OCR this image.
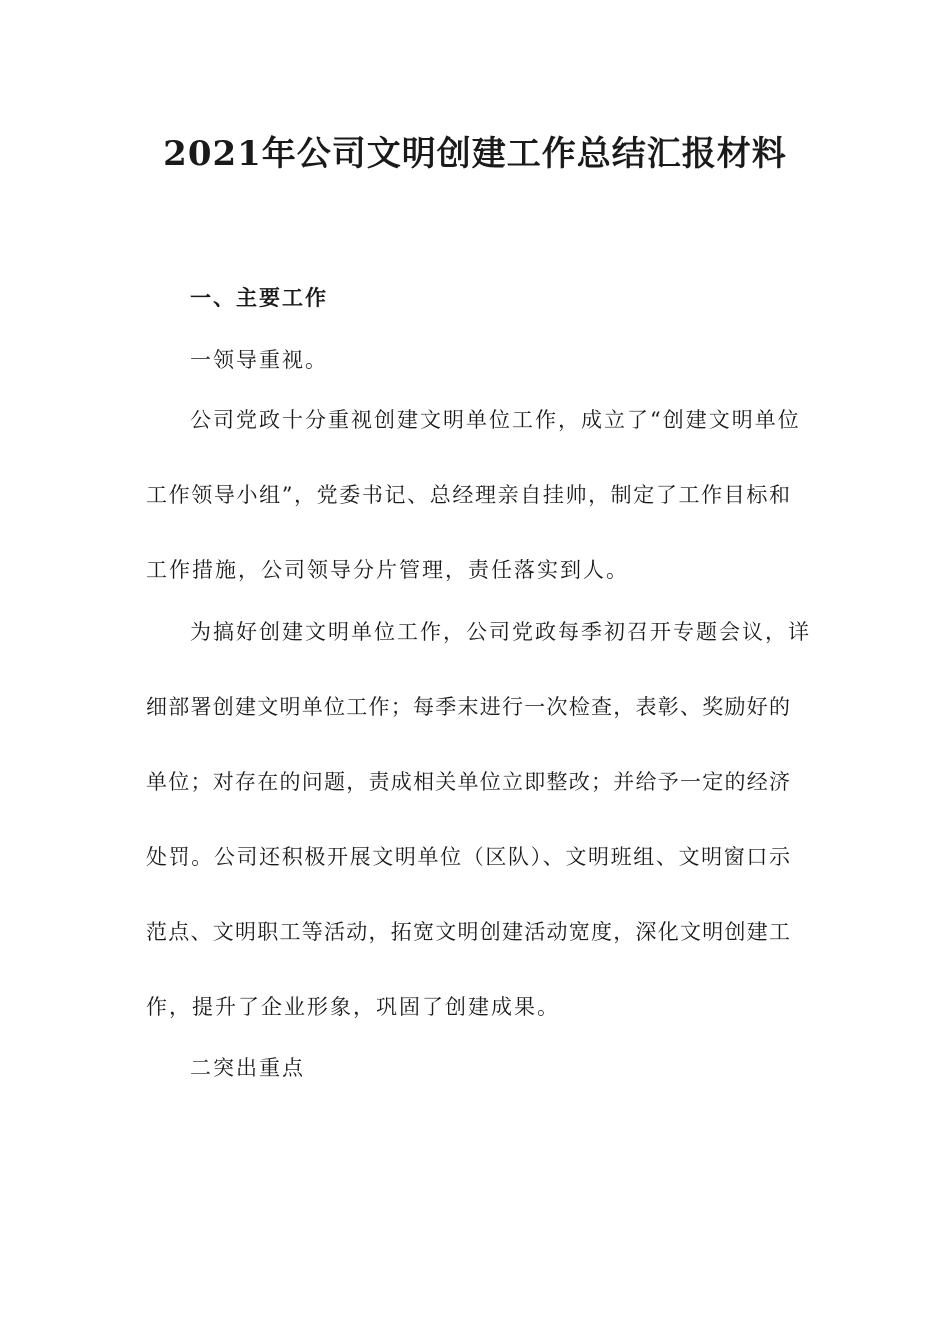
2021年公司文明创建工作总结汇报材料
一、主要工作

一领导重视。

公司党政十分重视创建文明单位工作，成立了“创建文明单位

工作领导小组”，党委书记、总经理亲自挂帅，制定了工作目标和

工作措施，公司领导分片管理，责任落实到人。

为搞好创建文明单位工作，公司党政每季初召开专题会议，详

细部署创建文明单位工作；每季末进行一次检查，表彰、奖励好的

单位；对存在的问题，责成相关单位立即整改；并给予一定的经济

处罚。公司还积极开展文明单位（区队）、文明班组、文明窗口示

范点、文明职工等活动，拓宽文明创建活动宽度，深化文明创建工

作，提升了企业形象，巩固了创建成果。

二突出重点
